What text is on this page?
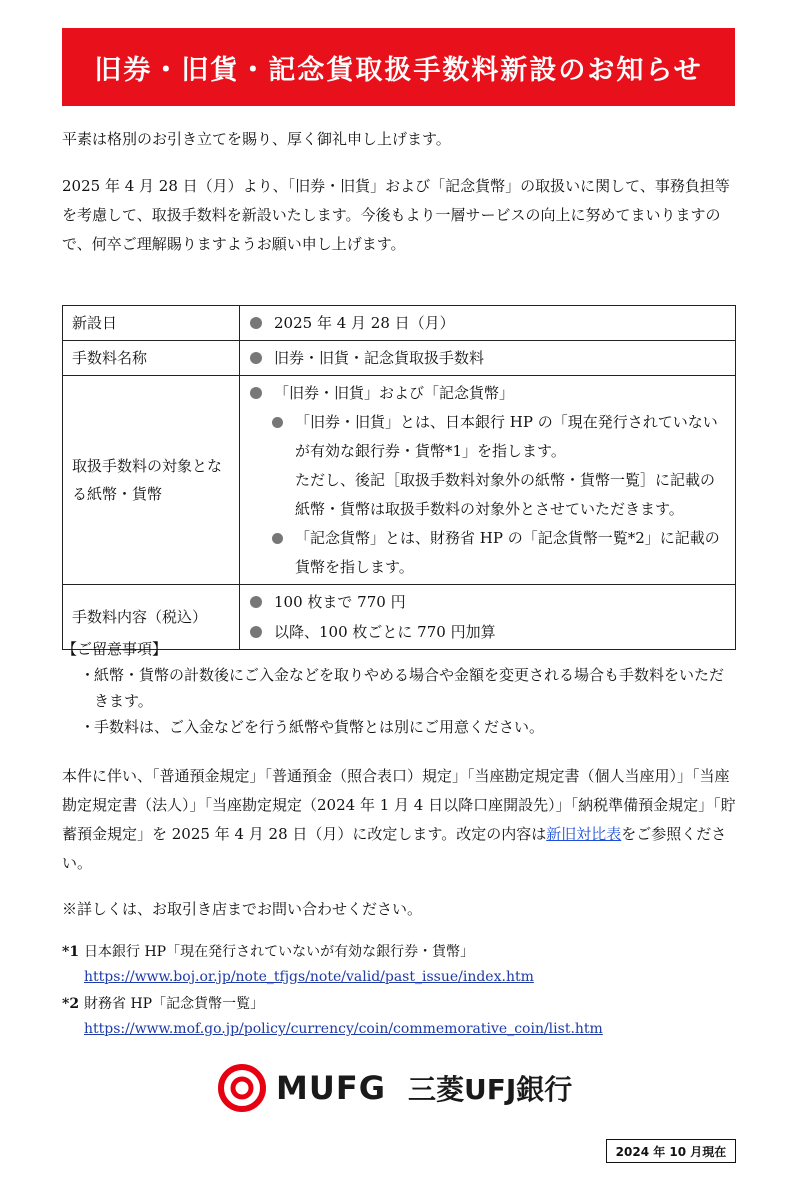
旧券・旧貨・記念貨取扱手数料新設のお知らせ

平素は格別のお引き立てを賜り、厚く御礼申し上げます。

2025 年 4 月 28 日（月）より、「旧券・旧貨」および「記念貨幣」の取扱いに関して、事務負担等を考慮して、取扱手数料を新設いたします。今後もより一層サービスの向上に努めてまいりますので、何卒ご理解賜りますようお願い申し上げます。

新設日	2025 年 4 月 28 日（月）

手数料名称	旧券・旧貨・記念貨取扱手数料

取扱手数料の対象となる紙幣・貨幣	「旧券・旧貨」および「記念貨幣」
「旧券・旧貨」とは、日本銀行 HP の「現在発行されていないが有効な銀行券・貨幣*1」を指します。
ただし、後記［取扱手数料対象外の紙幣・貨幣一覧］に記載の紙幣・貨幣は取扱手数料の対象外とさせていただきます。
「記念貨幣」とは、財務省 HP の「記念貨幣一覧*2」に記載の貨幣を指します。

手数料内容（税込）	100 枚まで 770 円
以降、100 枚ごとに 770 円加算
【ご留意事項】
・
紙幣・貨幣の計数後にご入金などを取りやめる場合や金額を変更される場合も手数料をいただきます。
・
手数料は、ご入金などを行う紙幣や貨幣とは別にご用意ください。

本件に伴い、「普通預金規定」「普通預金（照合表口）規定」「当座勘定規定書（個人当座用）」「当座勘定規定書（法人）」「当座勘定規定（2024 年 1 月 4 日以降口座開設先）」「納税準備預金規定」「貯蓄預金規定」を 2025 年 4 月 28 日（月）に改定します。改定の内容は新旧対比表をご参照ください。

※詳しくは、お取引き店までお問い合わせください。

*1 日本銀行 HP「現在発行されていないが有効な銀行券・貨幣」
https://www.boj.or.jp/note_tfjgs/note/valid/past_issue/index.htm
*2 財務省 HP「記念貨幣一覧」
https://www.mof.go.jp/policy/currency/coin/commemorative_coin/list.htm
MUFG 三菱UFJ銀行
2024 年 10 月現在
